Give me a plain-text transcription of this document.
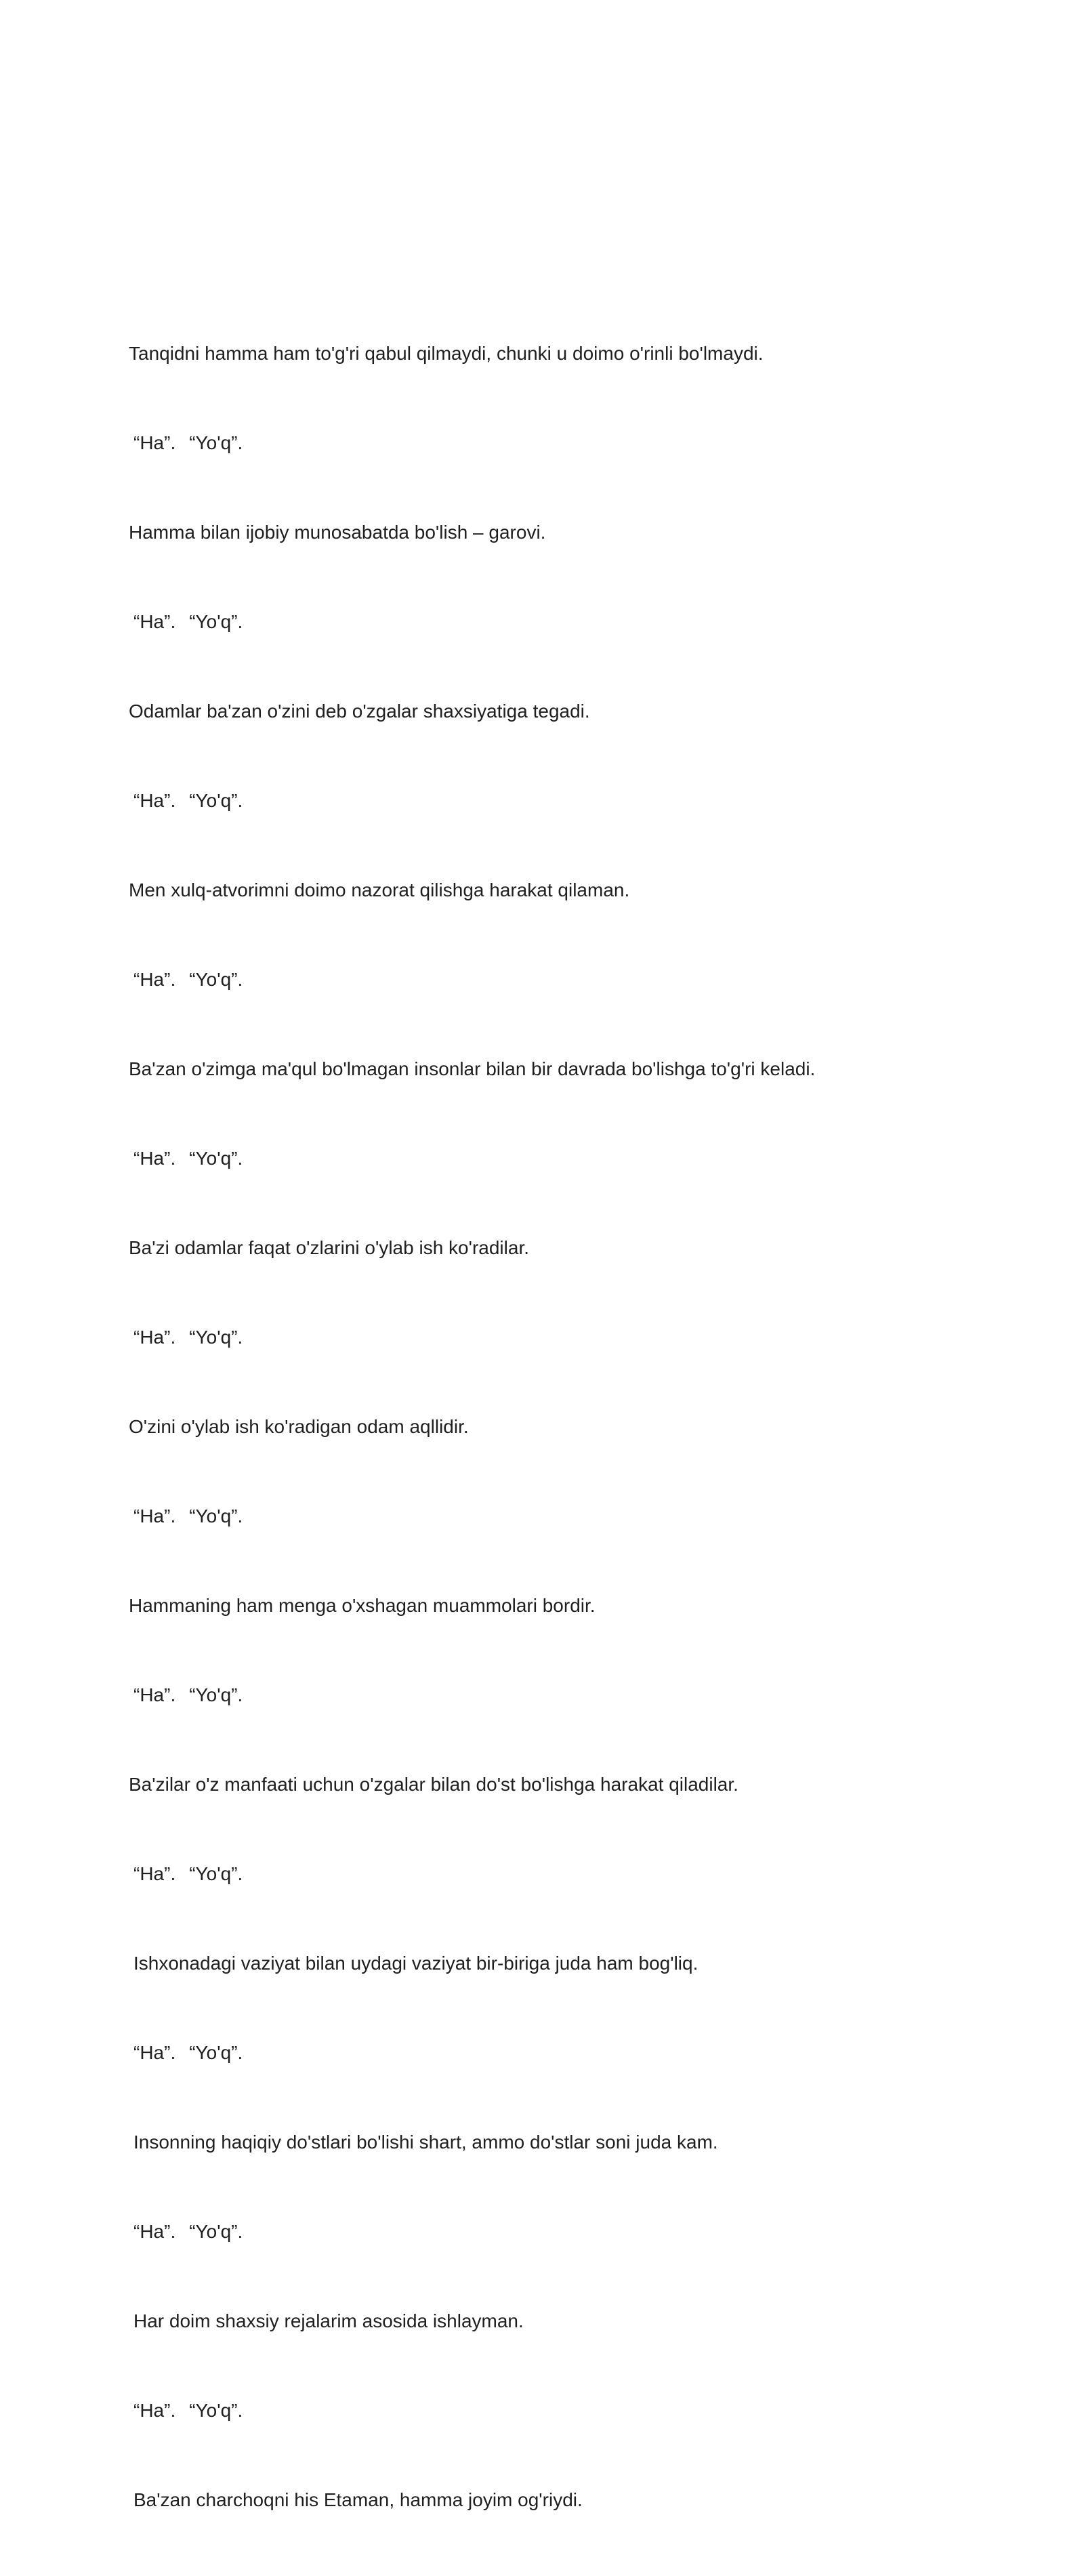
Tanqidni hamma ham to'g'ri qabul qilmaydi, chunki u doimo o'rinli bo'lmaydi.
“Ha”. “Yo'q”.
Hamma bilan ijobiy munosabatda bo'lish – garovi.
“Ha”. “Yo'q”.
Odamlar ba'zan o'zini deb o'zgalar shaxsiyatiga tegadi.
“Ha”. “Yo'q”.
Men xulq-atvorimni doimo nazorat qilishga harakat qilaman.
“Ha”. “Yo'q”.
Ba'zan o'zimga ma'qul bo'lmagan insonlar bilan bir davrada bo'lishga to'g'ri keladi.
“Ha”. “Yo'q”.
Ba'zi odamlar faqat o'zlarini o'ylab ish ko'radilar.
“Ha”. “Yo'q”.
O'zini o'ylab ish ko'radigan odam aqllidir.
“Ha”. “Yo'q”.
Hammaning ham menga o'xshagan muammolari bordir.
“Ha”. “Yo'q”.
Ba'zilar o'z manfaati uchun o'zgalar bilan do'st bo'lishga harakat qiladilar.
“Ha”. “Yo'q”.
Ishxonadagi vaziyat bilan uydagi vaziyat bir-biriga juda ham bog'liq.
“Ha”. “Yo'q”.
Insonning haqiqiy do'stlari bo'lishi shart, ammo do'stlar soni juda kam.
“Ha”. “Yo'q”.
Har doim shaxsiy rejalarim asosida ishlayman.
“Ha”. “Yo'q”.
Ba'zan charchoqni his Etaman, hamma joyim og'riydi.
